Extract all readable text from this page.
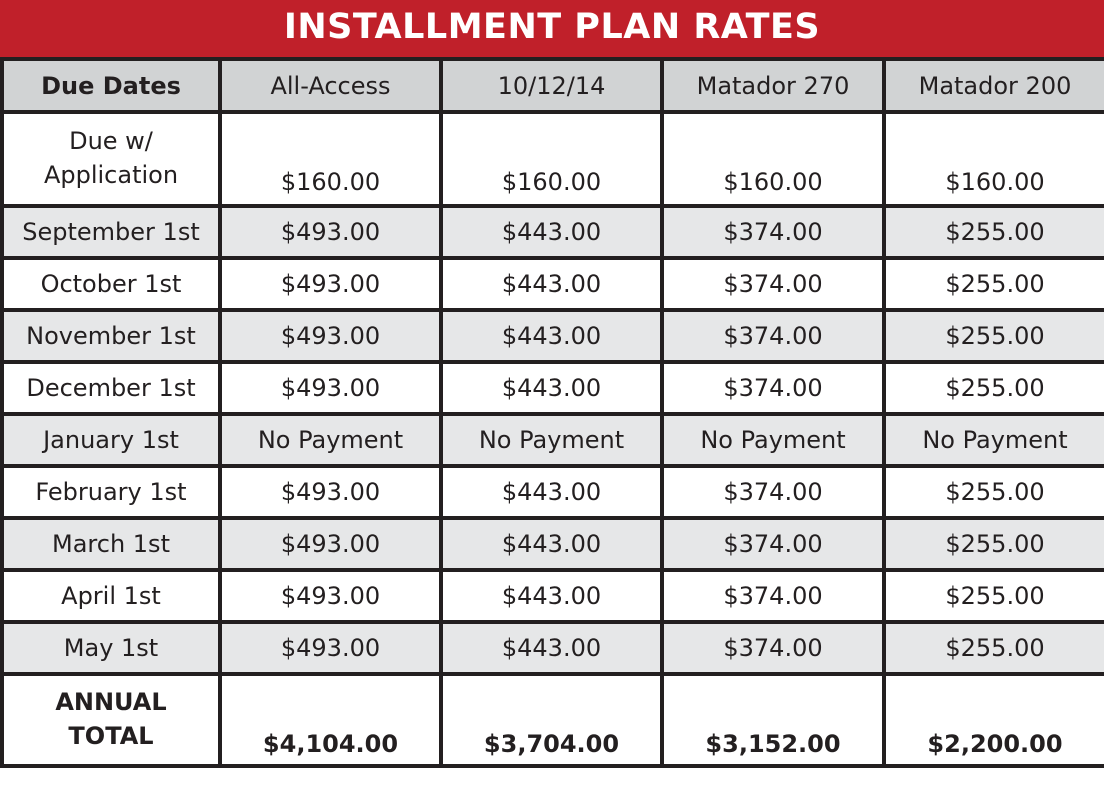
INSTALLMENT PLAN RATES
Due Dates	All-Access	10/12/14	Matador 270	Matador 200

Due w/
Application	$160.00	$160.00	$160.00	$160.00
September 1st	$493.00	$443.00	$374.00	$255.00
October 1st	$493.00	$443.00	$374.00	$255.00
November 1st	$493.00	$443.00	$374.00	$255.00
December 1st	$493.00	$443.00	$374.00	$255.00
January 1st	No Payment	No Payment	No Payment	No Payment
February 1st	$493.00	$443.00	$374.00	$255.00
March 1st	$493.00	$443.00	$374.00	$255.00
April 1st	$493.00	$443.00	$374.00	$255.00
May 1st	$493.00	$443.00	$374.00	$255.00

ANNUAL
TOTAL	$4,104.00	$3,704.00	$3,152.00	$2,200.00
